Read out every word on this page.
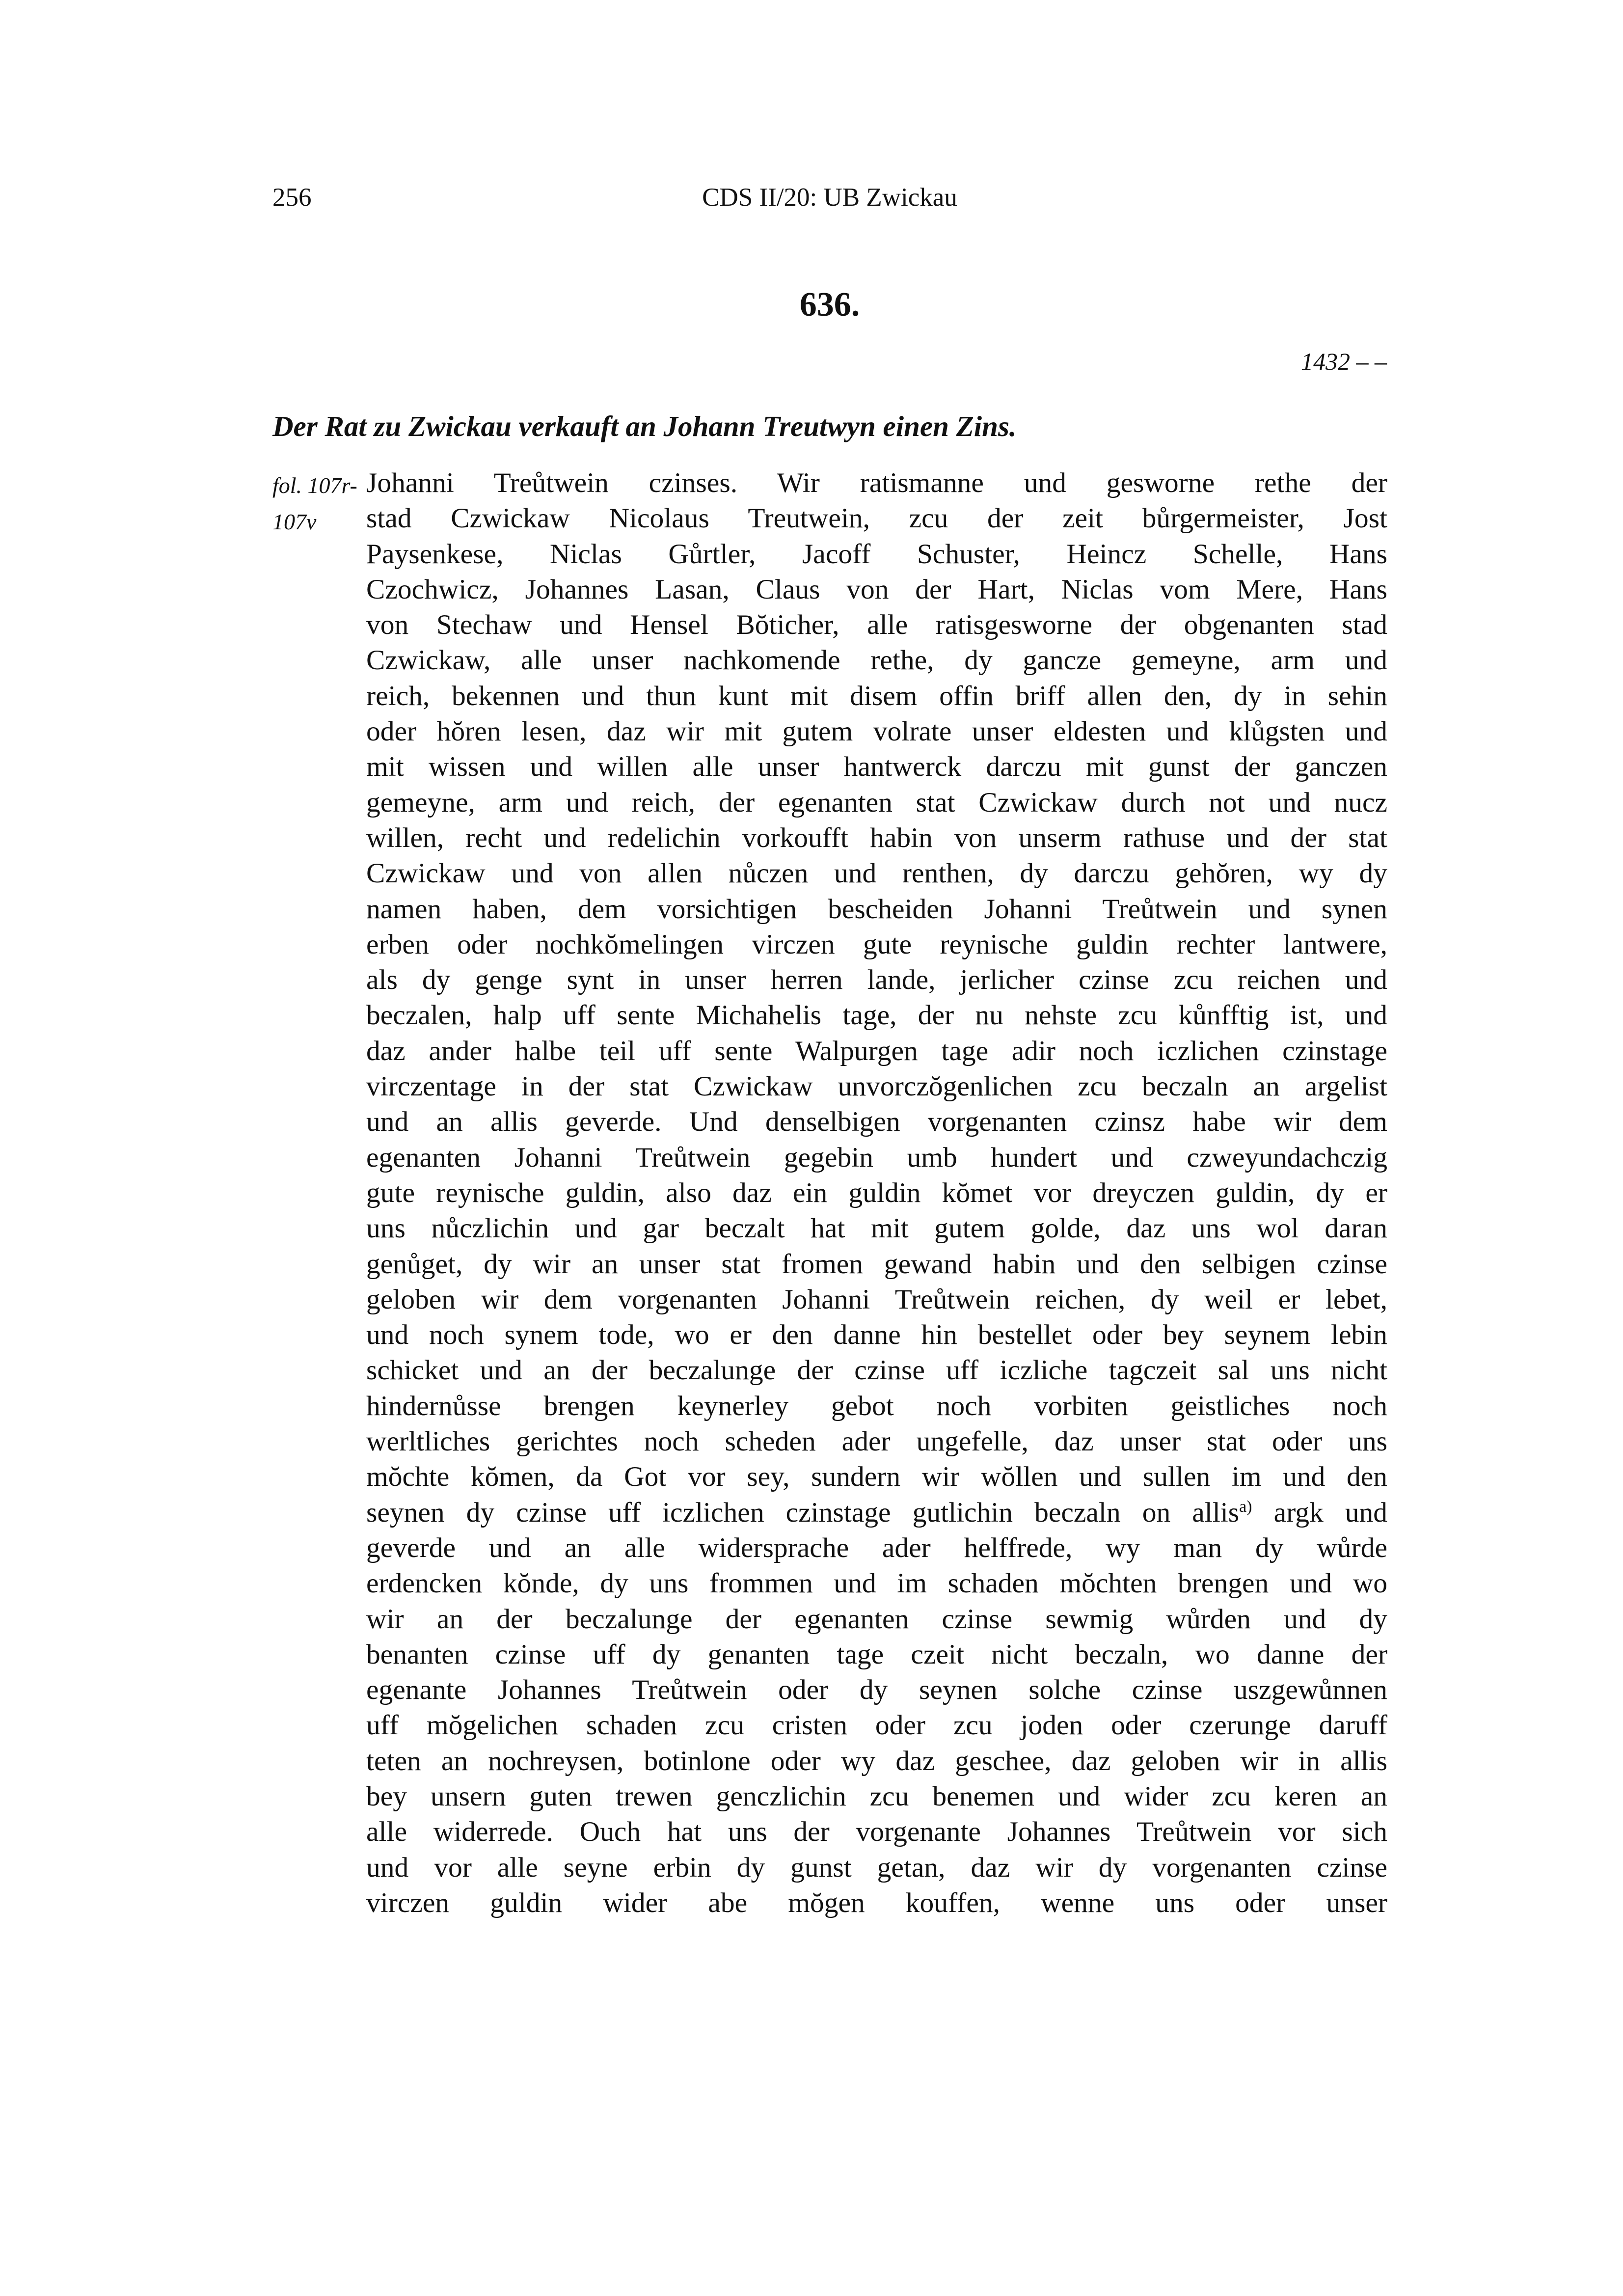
256	CDS II/20: UB Zwickau
636.
1432 – –
Der Rat zu Zwickau verkauft an Johann Treutwyn einen Zins.
fol. 107r-107v
Johanni Treůtwein czinses. Wir ratismanne und gesworne rethe der
stad Czwickaw Nicolaus Treutwein, zcu der zeit bůrgermeister, Jost
Paysenkese, Niclas Gůrtler, Jacoff Schuster, Heincz Schelle, Hans
Czochwicz, Johannes Lasan, Claus von der Hart, Niclas vom Mere, Hans
von Stechaw und Hensel Bŏticher, alle ratisgesworne der obgenanten stad
Czwickaw, alle unser nachkomende rethe, dy gancze gemeyne, arm und
reich, bekennen und thun kunt mit disem offin briff allen den, dy in sehin
oder hŏren lesen, daz wir mit gutem volrate unser eldesten und klůgsten und
mit wissen und willen alle unser hantwerck darczu mit gunst der ganczen
gemeyne, arm und reich, der egenanten stat Czwickaw durch not und nucz
willen, recht und redelichin vorkoufft habin von unserm rathuse und der stat
Czwickaw und von allen nůczen und renthen, dy darczu gehŏren, wy dy
namen haben, dem vorsichtigen bescheiden Johanni Treůtwein und synen
erben oder nochkŏmelingen virczen gute reynische guldin rechter lantwere,
als dy genge synt in unser herren lande, jerlicher czinse zcu reichen und
beczalen, halp uff sente Michahelis tage, der nu nehste zcu kůnfftig ist, und
daz ander halbe teil uff sente Walpurgen tage adir noch iczlichen czinstage
virczentage in der stat Czwickaw unvorczŏgenlichen zcu beczaln an argelist
und an allis geverde. Und denselbigen vorgenanten czinsz habe wir dem
egenanten Johanni Treůtwein gegebin umb hundert und czweyundachczig
gute reynische guldin, also daz ein guldin kŏmet vor dreyczen guldin, dy er
uns nůczlichin und gar beczalt hat mit gutem golde, daz uns wol daran
genůget, dy wir an unser stat fromen gewand habin und den selbigen czinse
geloben wir dem vorgenanten Johanni Treůtwein reichen, dy weil er lebet,
und noch synem tode, wo er den danne hin bestellet oder bey seynem lebin
schicket und an der beczalunge der czinse uff iczliche tagczeit sal uns nicht
hindernůsse brengen keynerley gebot noch vorbiten geistliches noch
werltliches gerichtes noch scheden ader ungefelle, daz unser stat oder uns
mŏchte kŏmen, da Got vor sey, sundern wir wŏllen und sullen im und den
seynen dy czinse uff iczlichen czinstage gutlichin beczaln on allis$^{a)}$ argk und
geverde und an alle widersprache ader helffrede, wy man dy wůrde
erdencken kŏnde, dy uns frommen und im schaden mŏchten brengen und wo
wir an der beczalunge der egenanten czinse sewmig wůrden und dy
benanten czinse uff dy genanten tage czeit nicht beczaln, wo danne der
egenante Johannes Treůtwein oder dy seynen solche czinse uszgewůnnen
uff mŏgelichen schaden zcu cristen oder zcu joden oder czerunge daruff
teten an nochreysen, botinlone oder wy daz geschee, daz geloben wir in allis
bey unsern guten trewen genczlichin zcu benemen und wider zcu keren an
alle widerrede. Ouch hat uns der vorgenante Johannes Treůtwein vor sich
und vor alle seyne erbin dy gunst getan, daz wir dy vorgenanten czinse
virczen guldin wider abe mŏgen kouffen, wenne uns oder unser
